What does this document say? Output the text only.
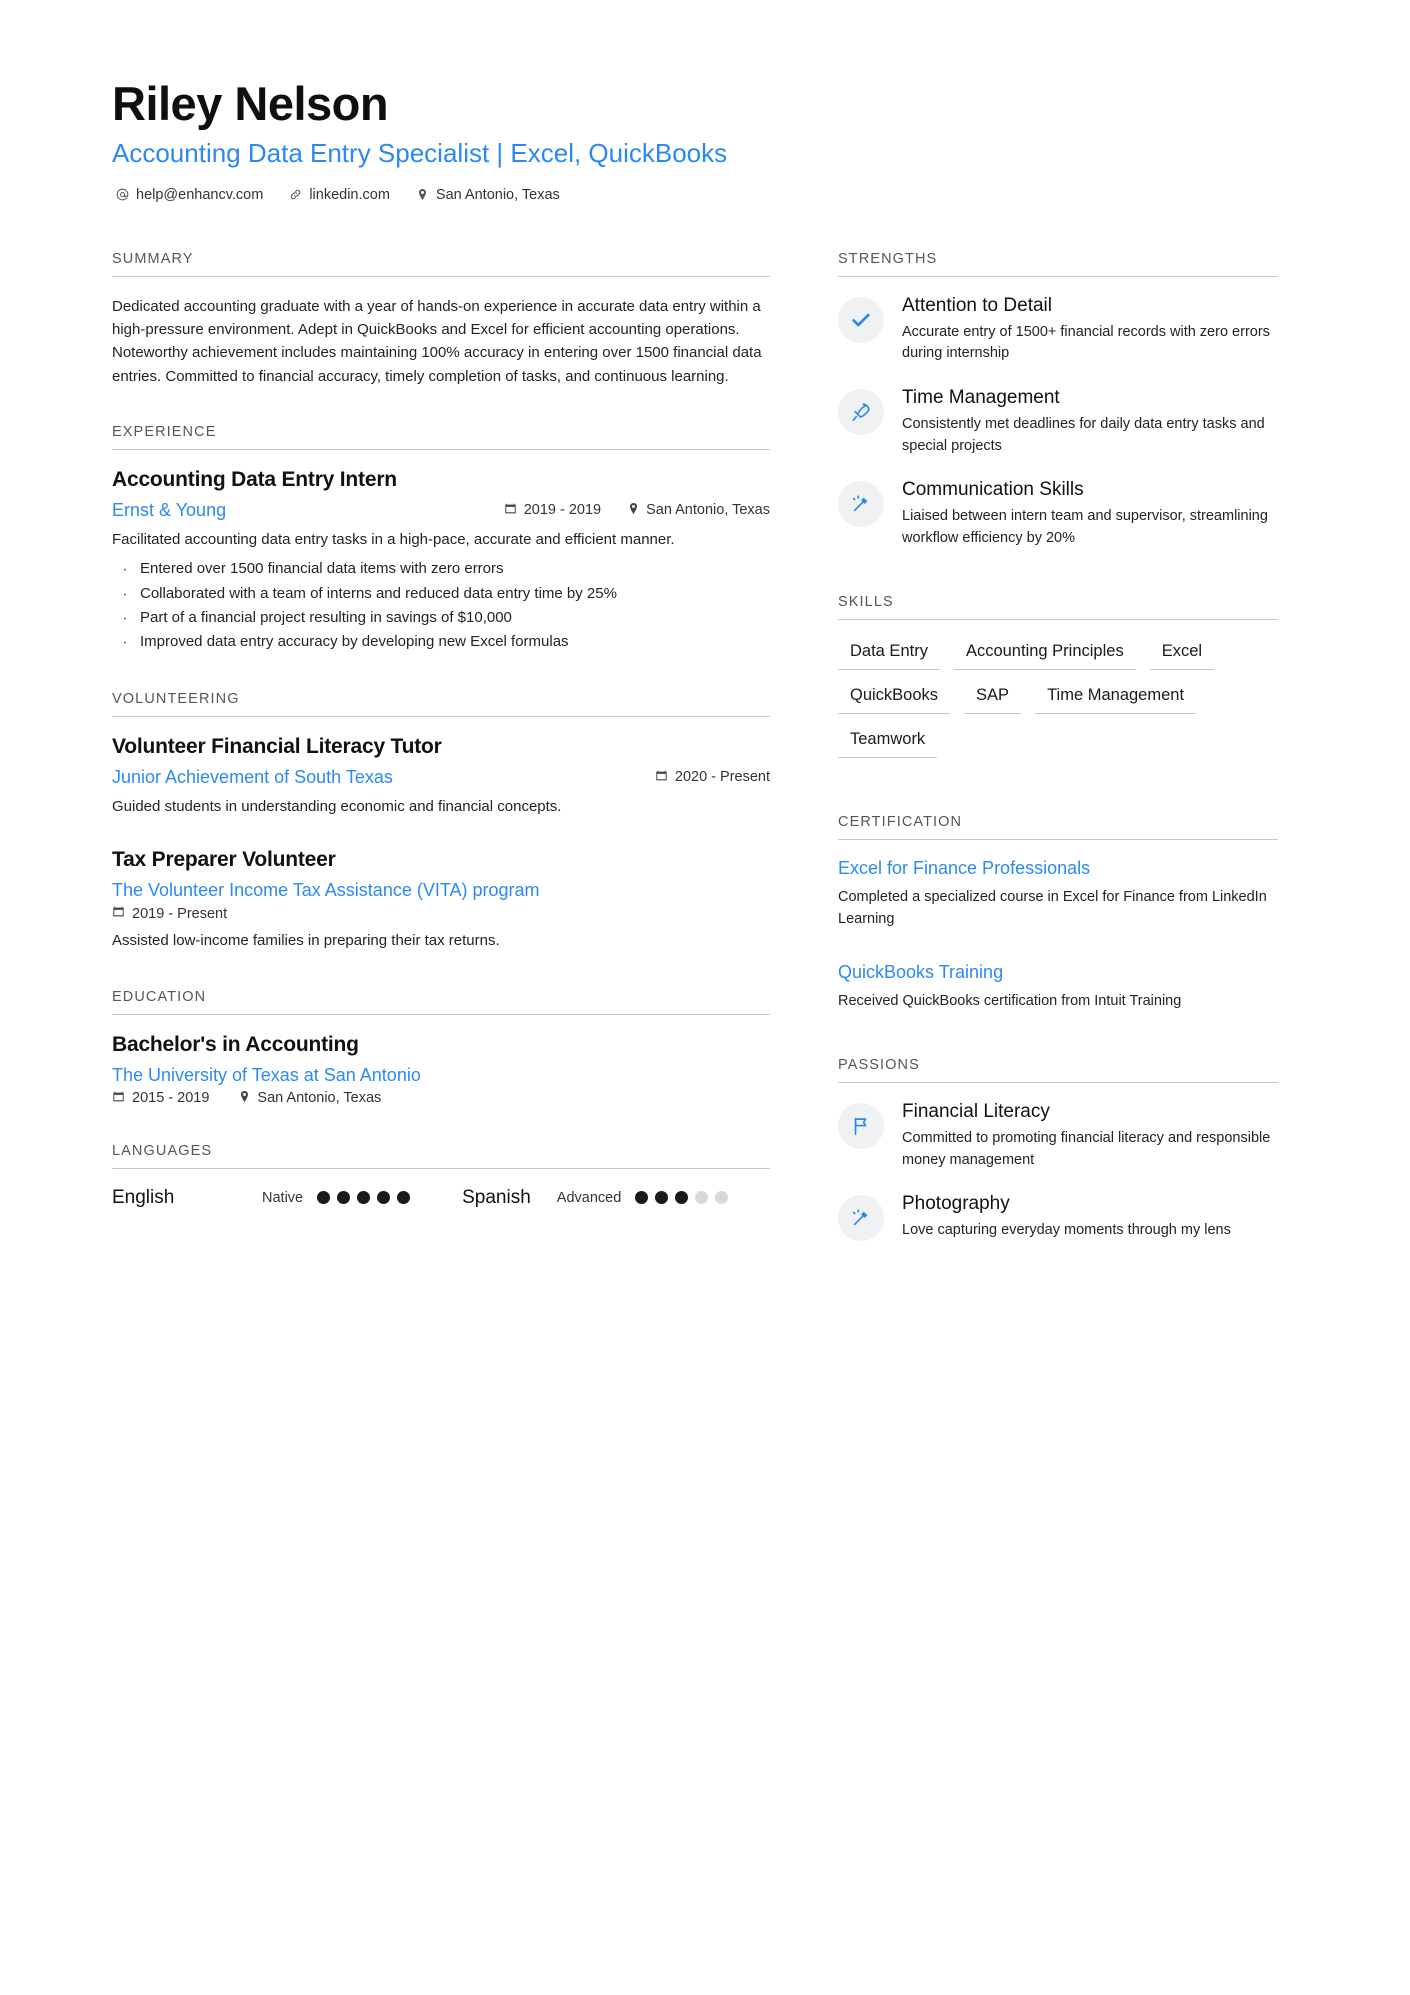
Riley Nelson
Accounting Data Entry Specialist | Excel, QuickBooks
help@enhancv.com	linkedin.com	San Antonio, Texas
SUMMARY
Dedicated accounting graduate with a year of hands-on experience in accurate data entry within a high-pressure environment. Adept in QuickBooks and Excel for efficient accounting operations. Noteworthy achievement includes maintaining 100% accuracy in entering over 1500 financial data entries. Committed to financial accuracy, timely completion of tasks, and continuous learning.
EXPERIENCE
Accounting Data Entry Intern
Ernst & Young	2019 - 2019	San Antonio, Texas
Facilitated accounting data entry tasks in a high-pace, accurate and efficient manner.
· Entered over 1500 financial data items with zero errors
· Collaborated with a team of interns and reduced data entry time by 25%
· Part of a financial project resulting in savings of $10,000
· Improved data entry accuracy by developing new Excel formulas
VOLUNTEERING
Volunteer Financial Literacy Tutor
Junior Achievement of South Texas	2020 - Present
Guided students in understanding economic and financial concepts.
Tax Preparer Volunteer
The Volunteer Income Tax Assistance (VITA) program
2019 - Present
Assisted low-income families in preparing their tax returns.
EDUCATION
Bachelor's in Accounting
The University of Texas at San Antonio
2015 - 2019	San Antonio, Texas
LANGUAGES
English	Native	Spanish Advanced
STRENGTHS
Attention to Detail
Accurate entry of 1500+ financial records with zero errors during internship
Time Management
Consistently met deadlines for daily data entry tasks and special projects
Communication Skills
Liaised between intern team and supervisor, streamlining workflow efficiency by 20%
SKILLS
Data Entry	Accounting Principles	Excel
QuickBooks	SAP	Time Management
Teamwork
CERTIFICATION
Excel for Finance Professionals
Completed a specialized course in Excel for Finance from LinkedIn Learning
QuickBooks Training
Received QuickBooks certification from Intuit Training
PASSIONS
Financial Literacy
Committed to promoting financial literacy and responsible money management
Photography
Love capturing everyday moments through my lens
